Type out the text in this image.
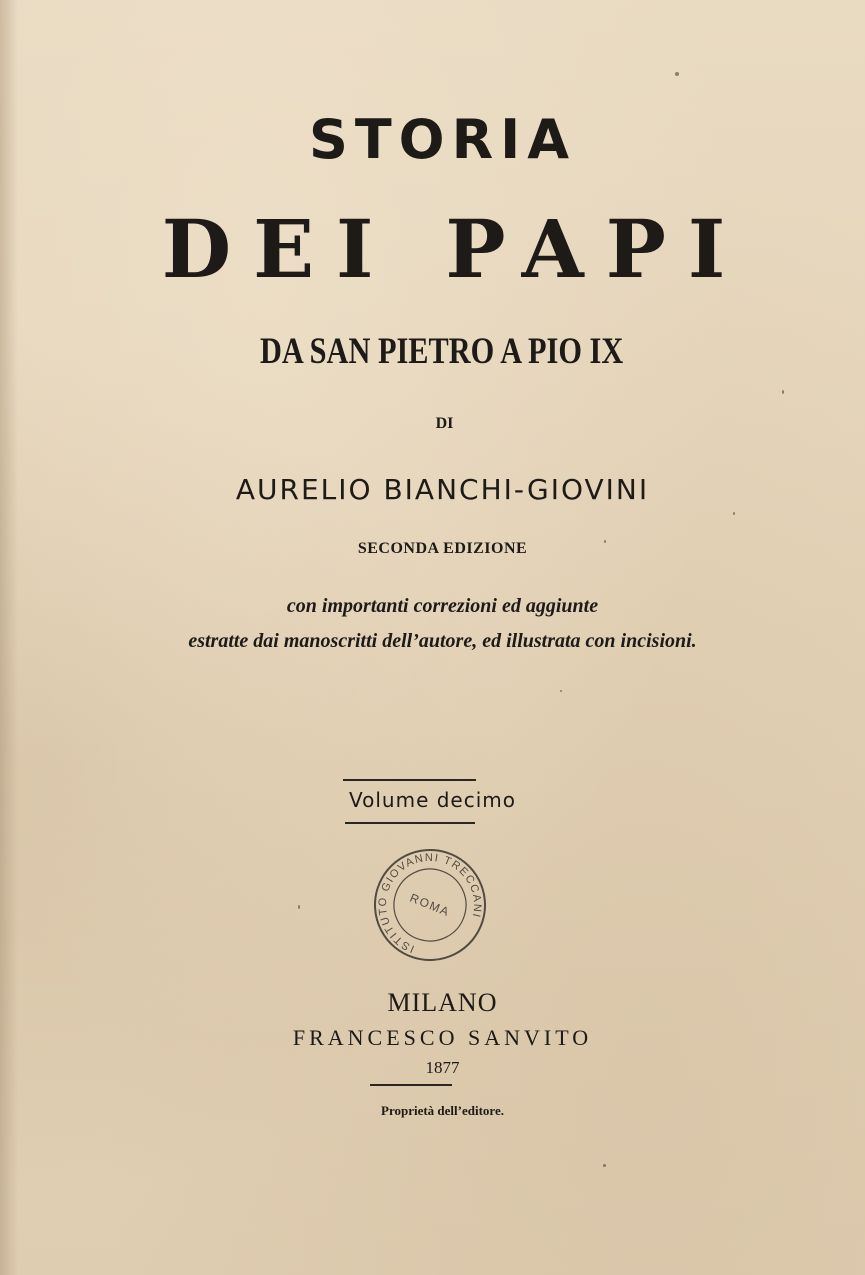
STORIA
DEI PAPI
DA SAN PIETRO A PIO IX
DI
AURELIO BIANCHI-GIOVINI
SECONDA EDIZIONE
con importanti correzioni ed aggiunte
estratte dai manoscritti dell’autore, ed illustrata con incisioni.
Volume decimo
ISTITUTO GIOVANNI TRECCANI
ROMA
MILANO
FRANCESCO SANVITO
1877
Proprietà dell’editore.
